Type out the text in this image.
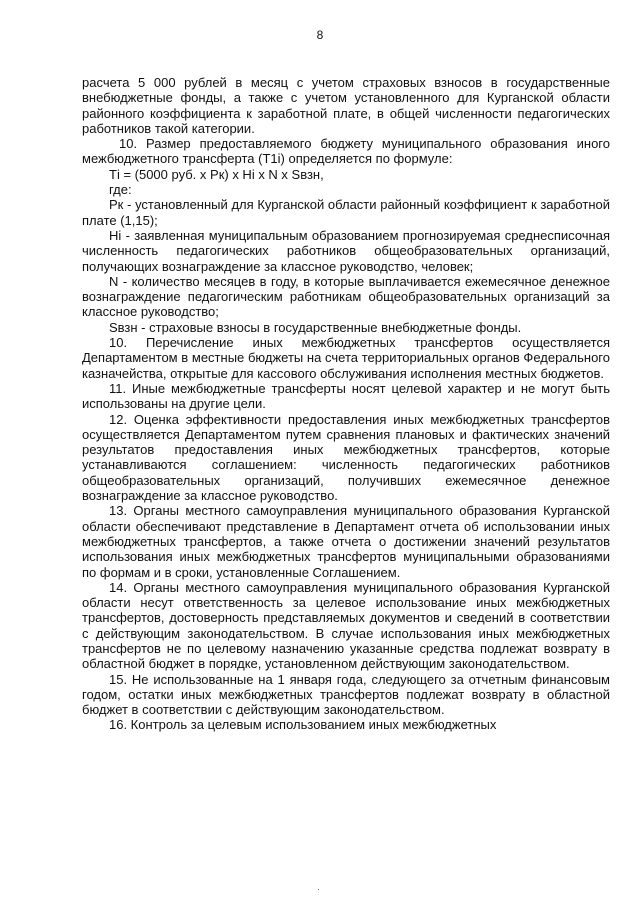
8

расчета 5 000 рублей в месяц с учетом страховых взносов в государственные внебюджетные фонды, а также с учетом установленного для Курганской области районного коэффициента к заработной плате, в общей численности педагогических работников такой категории.

10. Размер предоставляемого бюджету муниципального образования иного межбюджетного трансферта (Т1i) определяется по формуле:

Тi = (5000 руб. х Рк) х Нi х N х Sвзн,

где:

Рк - установленный для Курганской области районный коэффициент к заработной плате (1,15);

Нi - заявленная муниципальным образованием прогнозируемая среднесписочная численность педагогических работников общеобразовательных организаций, получающих вознаграждение за классное руководство, человек;

N - количество месяцев в году, в которые выплачивается ежемесячное денежное вознаграждение педагогическим работникам общеобразовательных организаций за классное руководство;

Sвзн - страховые взносы в государственные внебюджетные фонды.

10. Перечисление иных межбюджетных трансфертов осуществляется Департаментом в местные бюджеты на счета территориальных органов Федерального казначейства, открытые для кассового обслуживания исполнения местных бюджетов.

11. Иные межбюджетные трансферты носят целевой характер и не могут быть использованы на другие цели.

12. Оценка эффективности предоставления иных межбюджетных трансфертов осуществляется Департаментом путем сравнения плановых и фактических значений результатов предоставления иных межбюджетных трансфертов, которые устанавливаются соглашением: численность педагогических работников общеобразовательных организаций, получивших ежемесячное денежное вознаграждение за классное руководство.

13. Органы местного самоуправления муниципального образования Курганской области обеспечивают представление в Департамент отчета об использовании иных межбюджетных трансфертов, а также отчета о достижении значений результатов использования иных межбюджетных трансфертов муниципальными образованиями по формам и в сроки, установленные Соглашением.

14. Органы местного самоуправления муниципального образования Курганской области несут ответственность за целевое использование иных межбюджетных трансфертов, достоверность представляемых документов и сведений в соответствии с действующим законодательством. В случае использования иных межбюджетных трансфертов не по целевому назначению указанные средства подлежат возврату в областной бюджет в порядке, установленном действующим законодательством.

15. Не использованные на 1 января года, следующего за отчетным финансовым годом, остатки иных межбюджетных трансфертов подлежат возврату в областной бюджет в соответствии с действующим законодательством.

16. Контроль за целевым использованием иных межбюджетных
